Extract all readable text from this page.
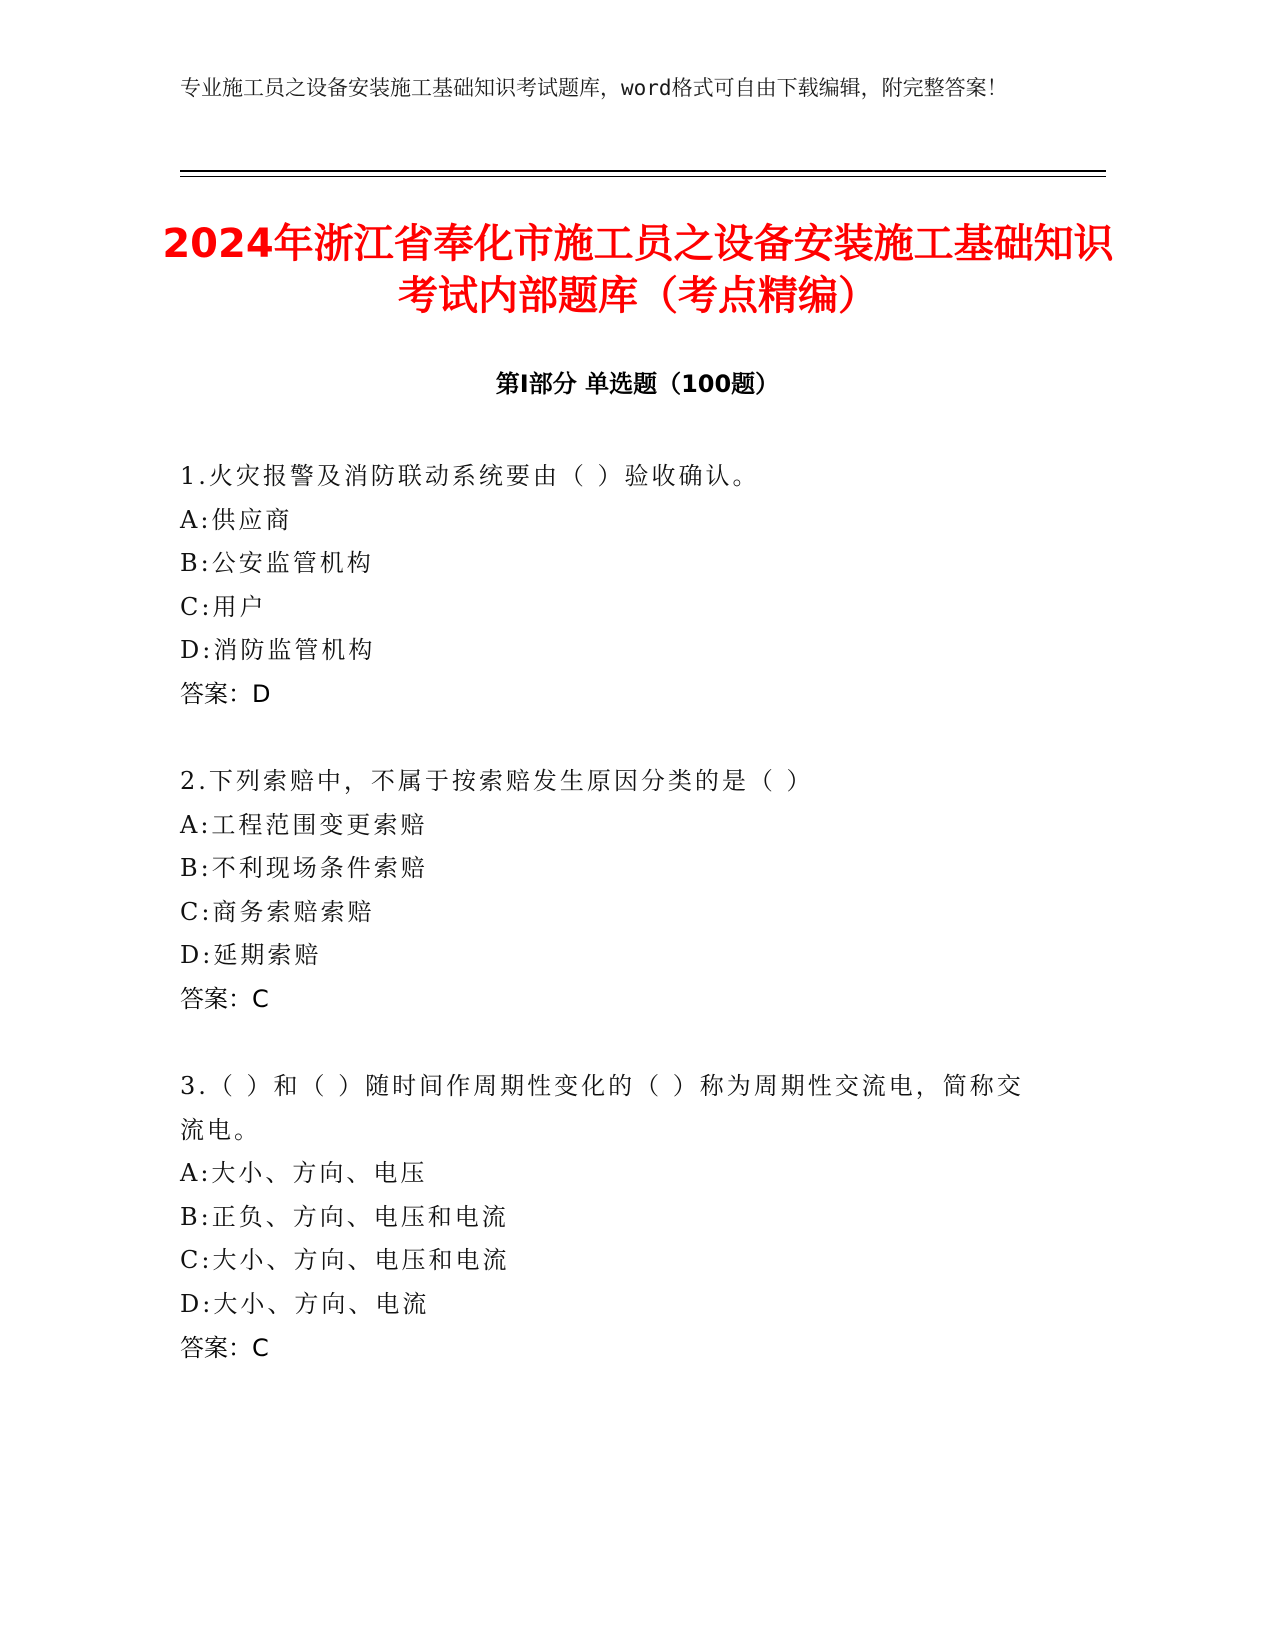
专业施工员之设备安装施工基础知识考试题库，word格式可自由下载编辑，附完整答案！
2024年浙江省奉化市施工员之设备安装施工基础知识考试内部题库（考点精编）
第Ⅰ部分 单选题（100题）
1.火灾报警及消防联动系统要由（ ）验收确认。
A:供应商
B:公安监管机构
C:用户
D:消防监管机构
答案：D
2.下列索赔中，不属于按索赔发生原因分类的是（ ）
A:工程范围变更索赔
B:不利现场条件索赔
C:商务索赔索赔
D:延期索赔
答案：C
3.（ ）和（ ）随时间作周期性变化的（ ）称为周期性交流电，简称交流电。
A:大小、方向、电压
B:正负、方向、电压和电流
C:大小、方向、电压和电流
D:大小、方向、电流
答案：C
